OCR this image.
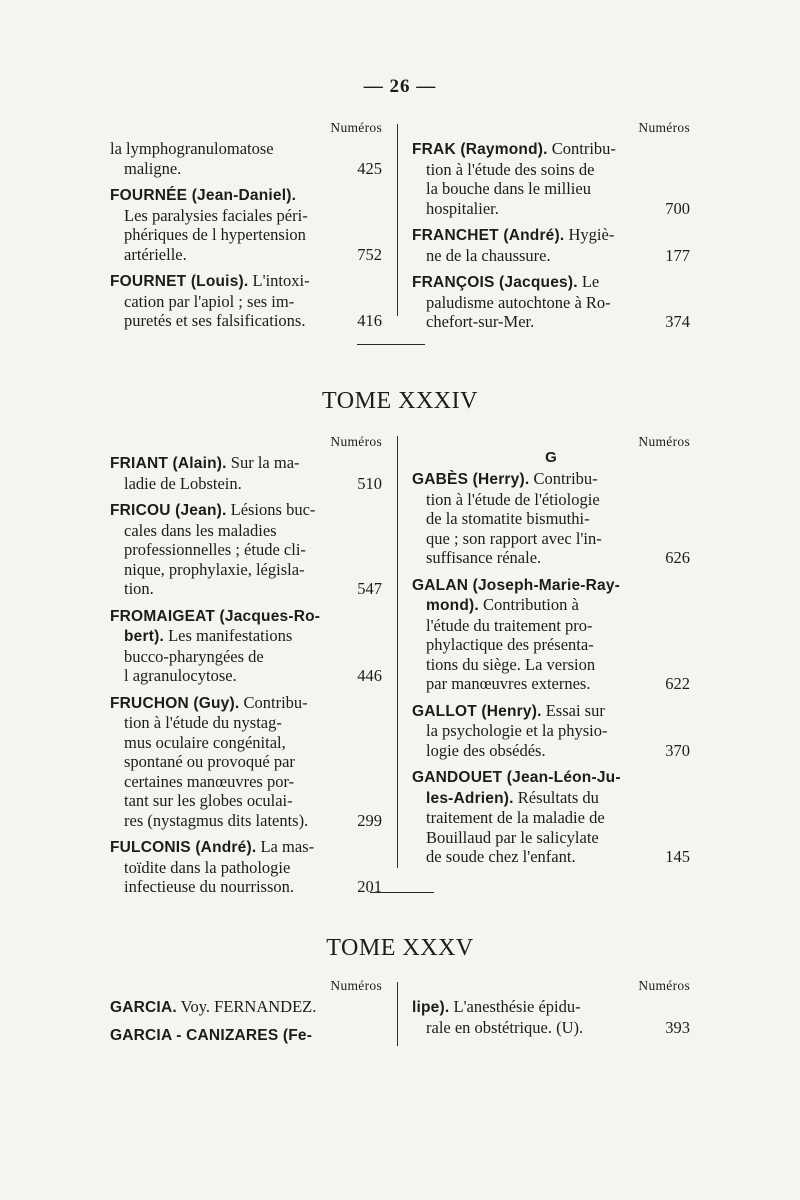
— 26 —
Numéros
la lymphogranulomatose
maligne.	425
FOURNÉE (Jean-Daniel).
Les paralysies faciales péri-
phériques de l hypertension
artérielle.	752
FOURNET (Louis). L'intoxi-
cation par l'apiol ; ses im-
puretés et ses falsifications.	416
Numéros
FRAK (Raymond). Contribu-
tion à l'étude des soins de
la bouche dans le millieu
hospitalier.	700
FRANCHET (André). Hygiè-
ne de la chaussure.	177
FRANÇOIS (Jacques). Le
paludisme autochtone à Ro-
chefort-sur-Mer.	374
TOME XXXIV
Numéros
FRIANT (Alain). Sur la ma-
ladie de Lobstein.	510
FRICOU (Jean). Lésions buc-
cales dans les maladies
professionnelles ; étude cli-
nique, prophylaxie, législa-
tion.	547
FROMAIGEAT (Jacques-Ro-
bert). Les manifestations
bucco-pharyngées de
l agranulocytose.	446
FRUCHON (Guy). Contribu-
tion à l'étude du nystag-
mus oculaire congénital,
spontané ou provoqué par
certaines manœuvres por-
tant sur les globes oculai-
res (nystagmus dits latents).	299
FULCONIS (André). La mas-
toïdite dans la pathologie
infectieuse du nourrisson.	201
Numéros
G
GABÈS (Herry). Contribu-
tion à l'étude de l'étiologie
de la stomatite bismuthi-
que ; son rapport avec l'in-
suffisance rénale.	626
GALAN (Joseph-Marie-Ray-
mond). Contribution à
l'étude du traitement pro-
phylactique des présenta-
tions du siège. La version
par manœuvres externes.	622
GALLOT (Henry). Essai sur
la psychologie et la physio-
logie des obsédés.	370
GANDOUET (Jean-Léon-Ju-
les-Adrien). Résultats du
traitement de la maladie de
Bouillaud par le salicylate
de soude chez l'enfant.	145
TOME XXXV
Numéros
GARCIA. Voy. FERNANDEZ.
GARCIA - CANIZARES (Fe-
Numéros
lipe). L'anesthésie épidu-
rale en obstétrique. (U).	393
